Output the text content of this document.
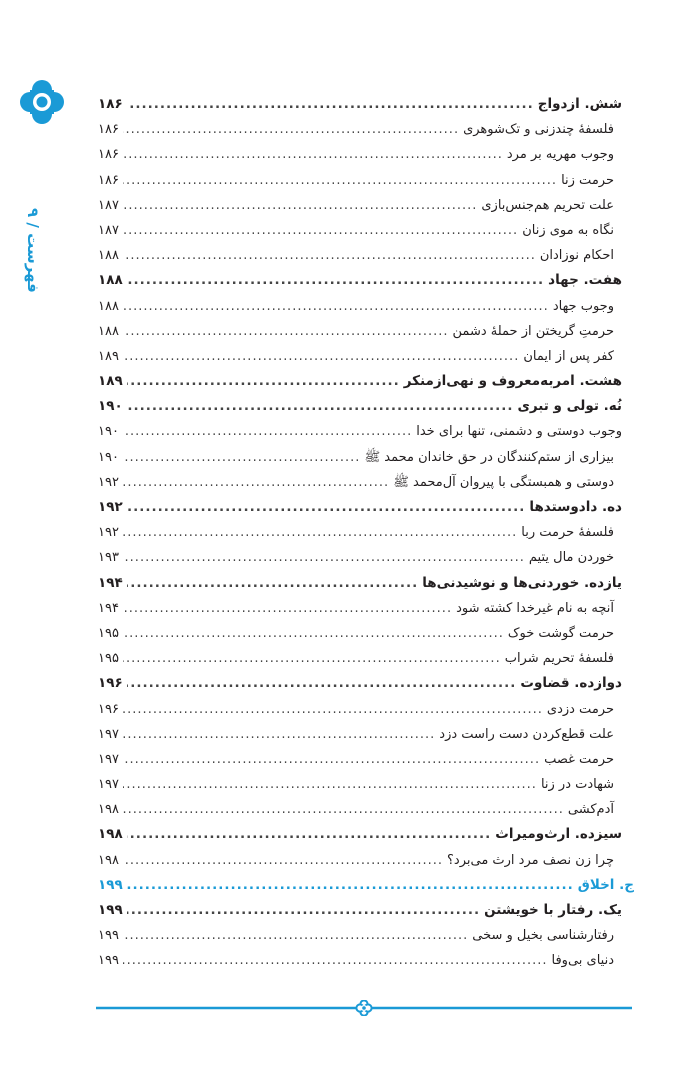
فهرست / ۹
شش. ازدواج
.....
۱۸۶
فلسفهٔ چندزنی و تک‌شوهری
.....
۱۸۶
وجوب مهریه بر مرد
.....
۱۸۶
حرمت زنا
.....
۱۸۶
علت تحریم هم‌جنس‌بازی
.....
۱۸۷
نگاه به موی زنان
.....
۱۸۷
احکام نوزادان
.....
۱۸۸
هفت. جهاد
.....
۱۸۸
وجوب جهاد
.....
۱۸۸
حرمتِ گریختن از حملهٔ دشمن
.....
۱۸۸
کفر پس از ایمان
.....
۱۸۹
هشت. امربه‌معروف و نهی‌ازمنکر
.....
۱۸۹
نُه. تولی و تبری
.....
۱۹۰
وجوب دوستی و دشمنی، تنها برای خدا
.....
۱۹۰
بیزاری از ستم‌کنندگان در حق خاندان محمد ﷺ
.....
۱۹۰
دوستی و همبستگی با پیروان آل‌محمد ﷺ
.....
۱۹۲
ده. دادوستدها
.....
۱۹۲
فلسفهٔ حرمت ربا
.....
۱۹۲
خوردن مال یتیم
.....
۱۹۳
یازده. خوردنی‌ها و نوشیدنی‌ها
.....
۱۹۴
آنچه به نام غیرخدا کشته شود
.....
۱۹۴
حرمت گوشت خوک
.....
۱۹۵
فلسفهٔ تحریم شراب
.....
۱۹۵
دوازده. قضاوت
.....
۱۹۶
حرمت دزدی
.....
۱۹۶
علت قطع‌کردن دست راست دزد
.....
۱۹۷
حرمت غصب
.....
۱۹۷
شهادت در زنا
.....
۱۹۷
آدم‌کشی
.....
۱۹۸
سیزده. ارث‌ومیراث
.....
۱۹۸
چرا زن نصف مرد ارث می‌برد؟
.....
۱۹۸
ج. اخلاق
.....
۱۹۹
یک. رفتار با خویشتن
.....
۱۹۹
رفتارشناسی بخیل و سخی
.....
۱۹۹
دنیای بی‌وفا
.....
۱۹۹
